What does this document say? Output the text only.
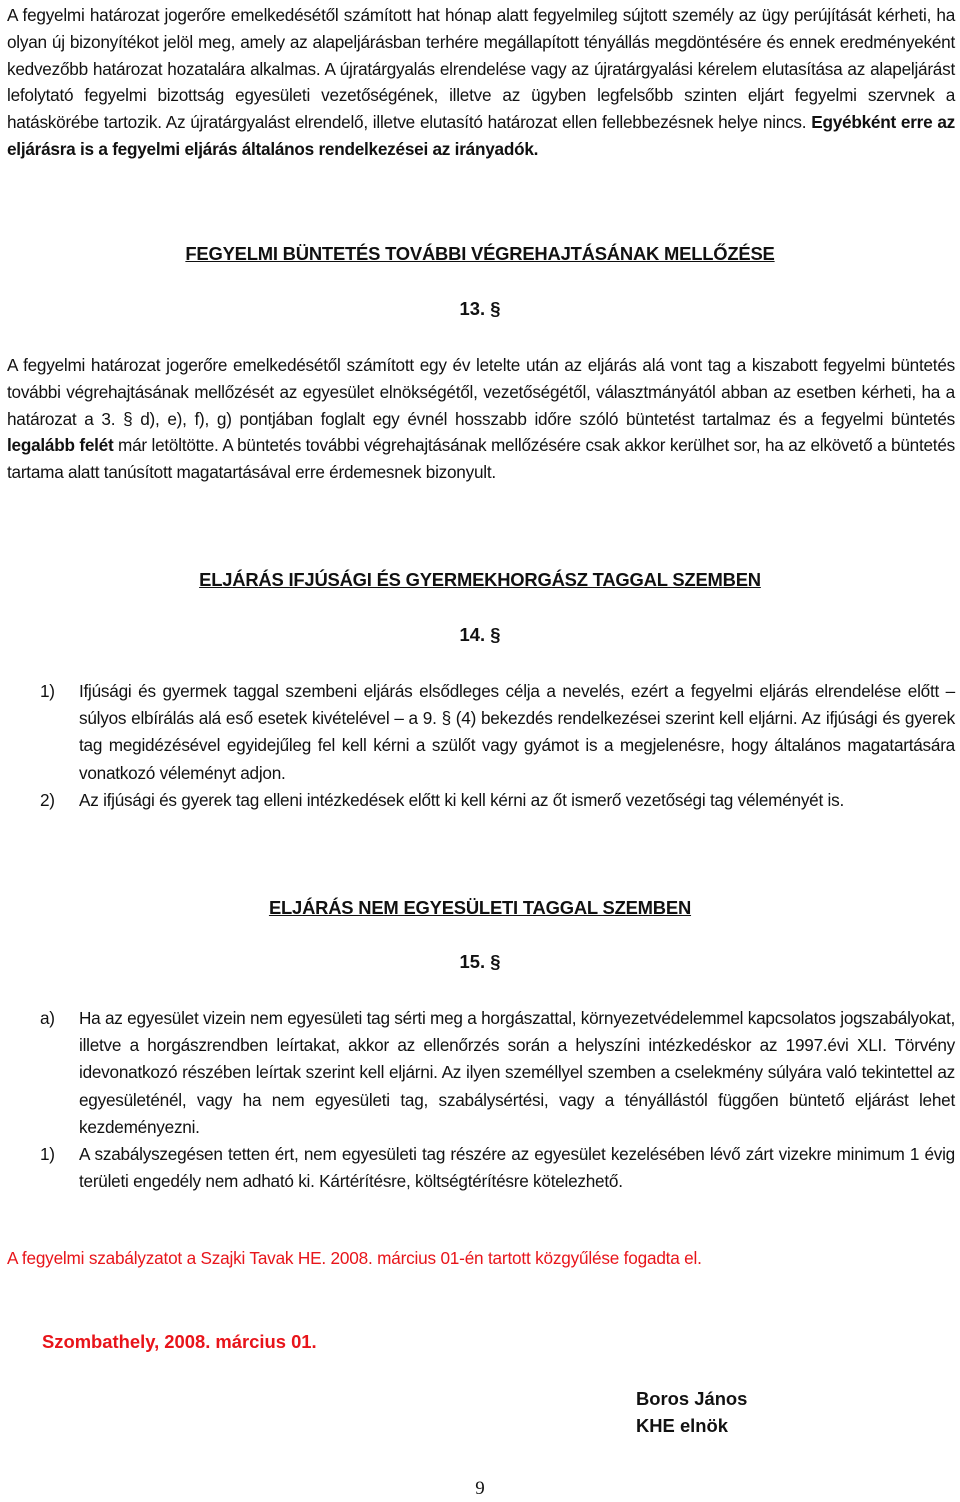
A fegyelmi határozat jogerőre emelkedésétől számított hat hónap alatt fegyelmileg sújtott személy az ügy perújítását kérheti, ha olyan új bizonyítékot jelöl meg, amely az alapeljárásban terhére megállapított tényállás megdöntésére és ennek eredményeként kedvezőbb határozat hozatalára alkalmas. A újratárgyalás elrendelése vagy az újratárgyalási kérelem elutasítása az alapeljárást lefolytató fegyelmi bizottság egyesületi vezetőségének, illetve az ügyben legfelsőbb szinten eljárt fegyelmi szervnek a hatáskörébe tartozik. Az újratárgyalást elrendelő, illetve elutasító határozat ellen fellebbezésnek helye nincs. Egyébként erre az eljárásra is a fegyelmi eljárás általános rendelkezései az irányadók.
FEGYELMI BÜNTETÉS TOVÁBBI VÉGREHAJTÁSÁNAK MELLŐZÉSE
13. §
A fegyelmi határozat jogerőre emelkedésétől számított egy év letelte után az eljárás alá vont tag a kiszabott fegyelmi büntetés további végrehajtásának mellőzését az egyesület elnökségétől, vezetőségétől, választmányától abban az esetben kérheti, ha a határozat a 3. § d), e), f), g) pontjában foglalt egy évnél hosszabb időre szóló büntetést tartalmaz és a fegyelmi büntetés legalább felét már letöltötte. A büntetés további végrehajtásának mellőzésére csak akkor kerülhet sor, ha az elkövető a büntetés tartama alatt tanúsított magatartásával erre érdemesnek bizonyult.
ELJÁRÁS IFJÚSÁGI ÉS GYERMEKHORGÁSZ TAGGAL SZEMBEN
14. §
1)	Ifjúsági és gyermek taggal szembeni eljárás elsődleges célja a nevelés, ezért a fegyelmi eljárás elrendelése előtt – súlyos elbírálás alá eső esetek kivételével – a 9. § (4) bekezdés rendelkezései szerint kell eljárni. Az ifjúsági és gyerek tag megidézésével egyidejűleg fel kell kérni a szülőt vagy gyámot is a megjelenésre, hogy általános magatartására vonatkozó véleményt adjon.
2)	Az ifjúsági és gyerek tag elleni intézkedések előtt ki kell kérni az őt ismerő vezetőségi tag véleményét is.
ELJÁRÁS NEM EGYESÜLETI TAGGAL SZEMBEN
15. §
a)	Ha az egyesület vizein nem egyesületi tag sérti meg a horgászattal, környezetvédelemmel kapcsolatos jogszabályokat, illetve a horgászrendben leírtakat, akkor az ellenőrzés során a helyszíni intézkedéskor az 1997.évi XLI. Törvény idevonatkozó részében leírtak szerint kell eljárni. Az ilyen személlyel szemben a cselekmény súlyára való tekintettel az egyesületénél, vagy ha nem egyesületi tag, szabálysértési, vagy a tényállástól függően büntető eljárást lehet kezdeményezni.
1)	A szabályszegésen tetten ért, nem egyesületi tag részére az egyesület kezelésében lévő zárt vizekre minimum 1 évig területi engedély nem adható ki. Kártérítésre, költségtérítésre kötelezhető.
A fegyelmi szabályzatot a Szajki Tavak HE. 2008. március 01-én tartott közgyűlése fogadta el.
Szombathely, 2008. március 01.
Boros János
KHE elnök
9
